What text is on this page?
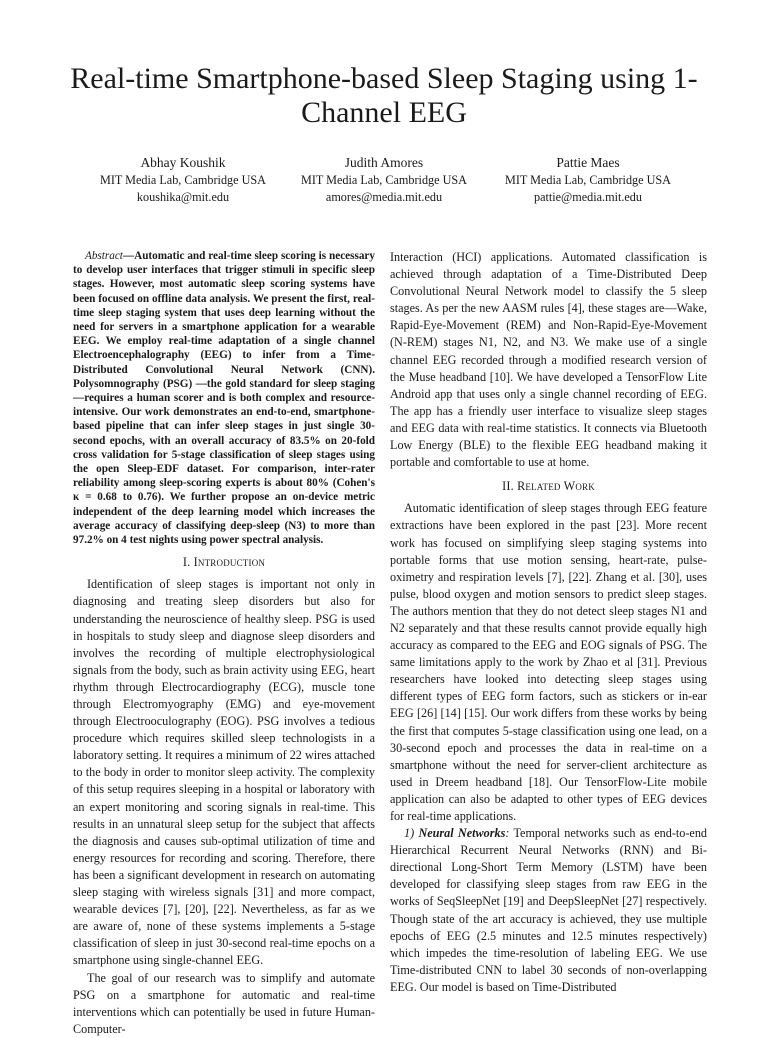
Real-time Smartphone-based Sleep Staging using 1-Channel EEG
Abhay Koushik
MIT Media Lab, Cambridge USA
koushika@mit.edu
Judith Amores
MIT Media Lab, Cambridge USA
amores@media.mit.edu
Pattie Maes
MIT Media Lab, Cambridge USA
pattie@media.mit.edu

Abstract—Automatic and real-time sleep scoring is necessary to develop user interfaces that trigger stimuli in specific sleep stages. However, most automatic sleep scoring systems have been focused on offline data analysis. We present the first, real-time sleep staging system that uses deep learning without the need for servers in a smartphone application for a wearable EEG. We employ real-time adaptation of a single channel Electroencephalography (EEG) to infer from a Time-Distributed Convolutional Neural Network (CNN). Polysomnography (PSG) —the gold standard for sleep staging—requires a human scorer and is both complex and resource-intensive. Our work demonstrates an end-to-end, smartphone-based pipeline that can infer sleep stages in just single 30-second epochs, with an overall accuracy of 83.5% on 20-fold cross validation for 5-stage classification of sleep stages using the open Sleep-EDF dataset. For comparison, inter-rater reliability among sleep-scoring experts is about 80% (Cohen's κ = 0.68 to 0.76). We further propose an on-device metric independent of the deep learning model which increases the average accuracy of classifying deep-sleep (N3) to more than 97.2% on 4 test nights using power spectral analysis.

I. Introduction

Identification of sleep stages is important not only in diagnosing and treating sleep disorders but also for understanding the neuroscience of healthy sleep. PSG is used in hospitals to study sleep and diagnose sleep disorders and involves the recording of multiple electrophysiological signals from the body, such as brain activity using EEG, heart rhythm through Electrocardiography (ECG), muscle tone through Electromyography (EMG) and eye-movement through Electrooculography (EOG). PSG involves a tedious procedure which requires skilled sleep technologists in a laboratory setting. It requires a minimum of 22 wires attached to the body in order to monitor sleep activity. The complexity of this setup requires sleeping in a hospital or laboratory with an expert monitoring and scoring signals in real-time. This results in an unnatural sleep setup for the subject that affects the diagnosis and causes sub-optimal utilization of time and energy resources for recording and scoring. Therefore, there has been a significant development in research on automating sleep staging with wireless signals [31] and more compact, wearable devices [7], [20], [22]. Nevertheless, as far as we are aware of, none of these systems implements a 5-stage classification of sleep in just 30-second real-time epochs on a smartphone using single-channel EEG.

The goal of our research was to simplify and automate PSG on a smartphone for automatic and real-time interventions which can potentially be used in future Human-Computer-

Interaction (HCI) applications. Automated classification is achieved through adaptation of a Time-Distributed Deep Convolutional Neural Network model to classify the 5 sleep stages. As per the new AASM rules [4], these stages are—Wake, Rapid-Eye-Movement (REM) and Non-Rapid-Eye-Movement (N-REM) stages N1, N2, and N3. We make use of a single channel EEG recorded through a modified research version of the Muse headband [10]. We have developed a TensorFlow Lite Android app that uses only a single channel recording of EEG. The app has a friendly user interface to visualize sleep stages and EEG data with real-time statistics. It connects via Bluetooth Low Energy (BLE) to the flexible EEG headband making it portable and comfortable to use at home.

II. Related Work

Automatic identification of sleep stages through EEG feature extractions have been explored in the past [23]. More recent work has focused on simplifying sleep staging systems into portable forms that use motion sensing, heart-rate, pulse-oximetry and respiration levels [7], [22]. Zhang et al. [30], uses pulse, blood oxygen and motion sensors to predict sleep stages. The authors mention that they do not detect sleep stages N1 and N2 separately and that these results cannot provide equally high accuracy as compared to the EEG and EOG signals of PSG. The same limitations apply to the work by Zhao et al [31]. Previous researchers have looked into detecting sleep stages using different types of EEG form factors, such as stickers or in-ear EEG [26] [14] [15]. Our work differs from these works by being the first that computes 5-stage classification using one lead, on a 30-second epoch and processes the data in real-time on a smartphone without the need for server-client architecture as used in Dreem headband [18]. Our TensorFlow-Lite mobile application can also be adapted to other types of EEG devices for real-time applications.

1) Neural Networks: Temporal networks such as end-to-end Hierarchical Recurrent Neural Networks (RNN) and Bi-directional Long-Short Term Memory (LSTM) have been developed for classifying sleep stages from raw EEG in the works of SeqSleepNet [19] and DeepSleepNet [27] respectively. Though state of the art accuracy is achieved, they use multiple epochs of EEG (2.5 minutes and 12.5 minutes respectively) which impedes the time-resolution of labeling EEG. We use Time-distributed CNN to label 30 seconds of non-overlapping EEG. Our model is based on Time-Distributed
